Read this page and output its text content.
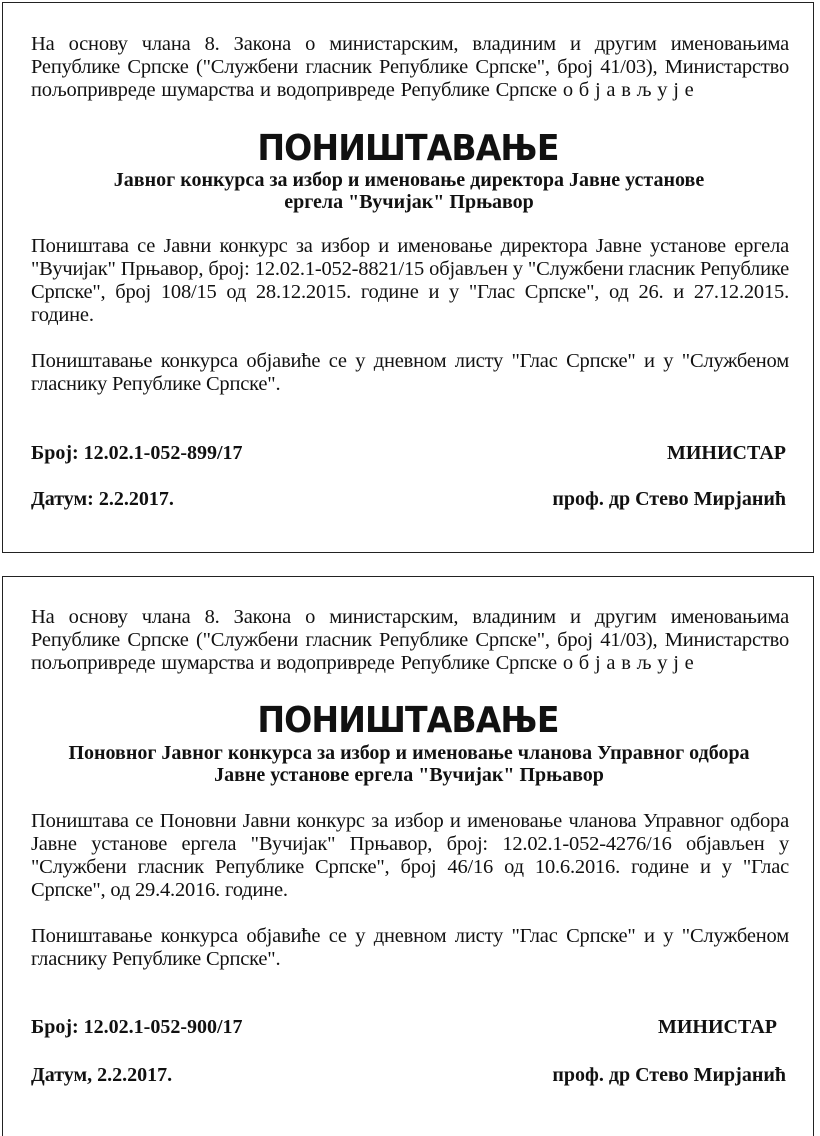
На основу члана 8. Закона о министарским, владиним и другим именовањима Републике Српске ("Службени гласник Републике Српске", број 41/03), Министарство пољопривреде шумарства и водопривреде Републике Српске о б ј а в љ у ј е

ПОНИШТАВАЊЕ

Јавног конкурса за избор и именовање директора Јавне установе

ергела "Вучијак" Прњавор

Поништава се Јавни конкурс за избор и именовање директора Јавне установе ергела "Вучијак" Прњавор, број: 12.02.1-052-8821/15 објављен у "Службени гласник Републике Српске", број 108/15 од 28.12.2015. године и у "Глас Српске", од 26. и 27.12.2015. године.

Поништавање конкурса објавиће се у дневном листу "Глас Српске" и у "Службеном гласнику Републике Српске".

Број: 12.02.1-052-899/17	МИНИСТАР

Датум: 2.2.2017.	проф. др Стево Мирјанић

На основу члана 8. Закона о министарским, владиним и другим именовањима Републике Српске ("Службени гласник Републике Српске", број 41/03), Министарство пољопривреде шумарства и водопривреде Републике Српске о б ј а в љ у ј е

ПОНИШТАВАЊЕ

Поновног Јавног конкурса за избор и именовање чланова Управног одбора

Јавне установе ергела "Вучијак" Прњавор

Поништава се Поновни Јавни конкурс за избор и именовање чланова Управног одбора Јавне установе ергела "Вучијак" Прњавор, број: 12.02.1-052-4276/16 објављен у "Службени гласник Републике Српске", број 46/16 од 10.6.2016. године и у "Глас Српске", од 29.4.2016. године.

Поништавање конкурса објавиће се у дневном листу "Глас Српске" и у "Службеном гласнику Републике Српске".

Број: 12.02.1-052-900/17	МИНИСТАР

Датум, 2.2.2017.	проф. др Стево Мирјанић
